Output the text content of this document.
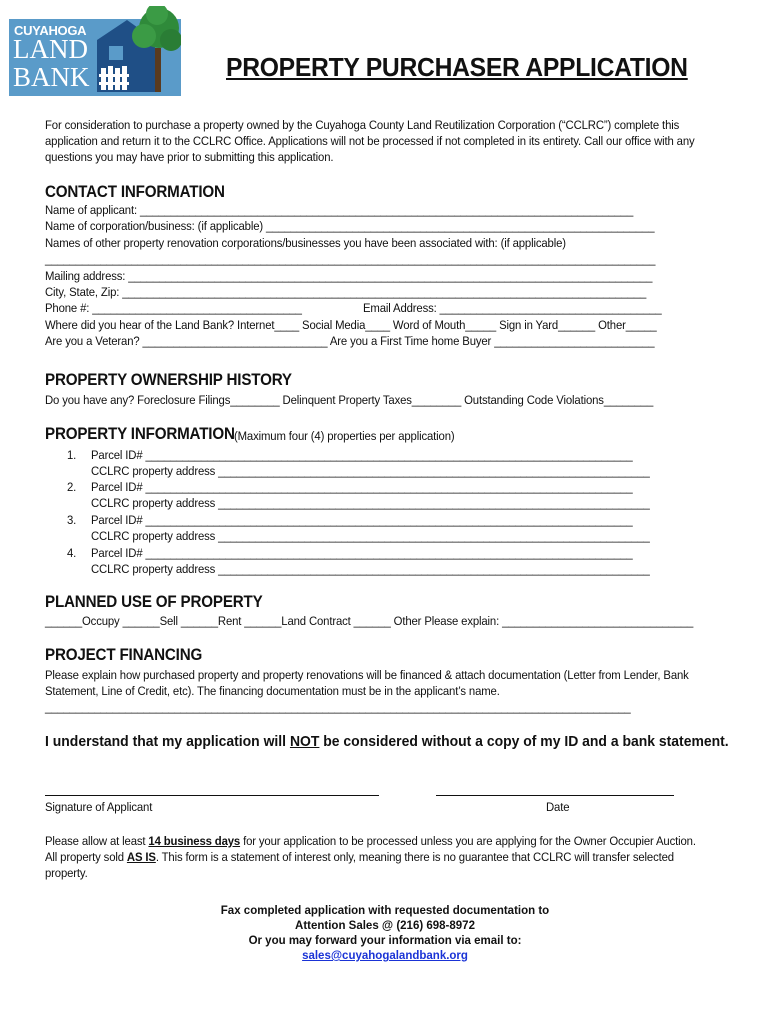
CUYAHOGA
LAND
BANK	PROPERTY PURCHASER APPLICATION
For consideration to purchase a property owned by the Cuyahoga County Land Reutilization Corporation (“CCLRC”) complete this
application and return it to the CCLRC Office. Applications will not be processed if not completed in its entirety. Call our office with any
questions you may have prior to submitting this application.
CONTACT INFORMATION
Name of applicant: ________________________________________________________________________________
Name of corporation/business: (if applicable) _______________________________________________________________
Names of other property renovation corporations/businesses you have been associated with: (if applicable)
___________________________________________________________________________________________________
Mailing address: _____________________________________________________________________________________
City, State, Zip: _____________________________________________________________________________________
Phone #: __________________________________	Email Address: ____________________________________
Where did you hear of the Land Bank? Internet____ Social Media____ Word of Mouth_____ Sign in Yard______ Other_____
Are you a Veteran? ______________________________ Are you a First Time home Buyer __________________________
PROPERTY OWNERSHIP HISTORY
Do you have any? Foreclosure Filings________ Delinquent Property Taxes________ Outstanding Code Violations________
PROPERTY INFORMATION (Maximum four (4) properties per application)
1. Parcel ID# _______________________________________________________________________________
CCLRC property address ______________________________________________________________________
2. Parcel ID# _______________________________________________________________________________
CCLRC property address ______________________________________________________________________
3. Parcel ID# _______________________________________________________________________________
CCLRC property address ______________________________________________________________________
4. Parcel ID# _______________________________________________________________________________
CCLRC property address ______________________________________________________________________
PLANNED USE OF PROPERTY
______Occupy ______Sell ______Rent ______Land Contract ______ Other Please explain: _______________________________
PROJECT FINANCING
Please explain how purchased property and property renovations will be financed & attach documentation (Letter from Lender, Bank
Statement, Line of Credit, etc). The financing documentation must be in the applicant’s name.
_______________________________________________________________________________________________
I understand that my application will NOT be considered without a copy of my ID and a bank statement.
Signature of Applicant	Date
Please allow at least 14 business days for your application to be processed unless you are applying for the Owner Occupier Auction.
All property sold AS IS. This form is a statement of interest only, meaning there is no guarantee that CCLRC will transfer selected
property.
Fax completed application with requested documentation to
Attention Sales @ (216) 698-8972
Or you may forward your information via email to:
sales@cuyahogalandbank.org
